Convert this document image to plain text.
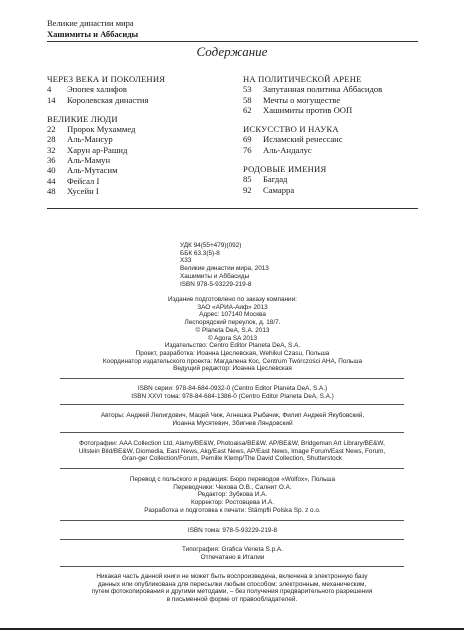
Великие династии мира
Хашимиты и Аббасиды
Содержание
ЧЕРЕЗ ВЕКА И ПОКОЛЕНИЯ
4	Эпопея халифов
14	Королевская династия
ВЕЛИКИЕ ЛЮДИ
22	Пророк Мухаммед
28	Аль-Мансур
32	Харун ар-Рашид
36	Аль-Мамун
40	Аль-Мутасим
44	Фейсал I
48	Хусейн I
НА ПОЛИТИЧЕСКОЙ АРЕНЕ
53	Запутанная политика Аббасидов
58	Мечты о могуществе
62	Хашимиты против ООП
ИСКУССТВО И НАУКА
69	Исламский ренессанс
76	Аль-Андалус
РОДОВЫЕ ИМЕНИЯ
85	Багдад
92	Самарра
УДК 94(55+479)(092)
ББК 63.3(5)-8
Х33
Великие династии мира, 2013
Хашимиты и Аббасиды
ISBN 978-5-93229-219-8
Издание подготовлено по заказу компании:
ЗАО «АРИА-Аиф» 2013
Адрес: 107140 Москва
Лесnoрядский переулок, д. 18/7.
© Planeta DeA, S.A. 2013
© Agora SA 2013
Издательство: Centro Editor Planeta DeA, S.A.
Проект, разработка: Иоанна Цеслевская, Wehikul Czasu, Польша
Координатор издательского проекта: Магдалена Кос, Centrum Twórczości AHA, Польша
Ведущий редактор: Иоанна Цеслевская
ISBN серии: 978-84-684-0932-0 (Centro Editor Planeta DeA, S.A.)
ISBN XXVI тома: 978-84-684-1386-0 (Centro Editor Planeta DeA, S.A.)
Авторы: Анджей Лелигдович, Мацей Чиж, Агнешка Рыбачик, Филип Анджей Якубовский,
Иоанна Мусятевич, Збигнев Ляндовский
Фотографии: AAA Collection Ltd, Alamy/BE&W, Photoaisa/BE&W, AP/BE&W, Bridgeman Art Library/BE&W,
Ullstein Bild/BE&W, Diomedia, East News, Akg/East News, AP/East News, Image Forum/East News, Forum,
Gran-ger Collection/Forum, Pernille Klemp/The David Collection, Shutterstock
Перевод с польского и редакция: Бюро переводов «Wolfox», Польша
Переводчики: Чехова О.В., Салнит О.А.
Редактор: Зубкова И.А.
Корректор: Ростовцева И.А.
Разработка и подготовка к печати: Stämpfli Polska Sp. z o.o.
ISBN тома: 978-5-93229-219-8
Типография: Grafica Veneta S.p.A.
Отпечатано в Италии
Никакая часть данной книги не может быть воспроизведена, включена в электронную базу
данных или опубликована для пересылки любым способом: электронным, механическим,
путем фотокопирования и другими методами, – без получения предварительного разрешения
в письменной форме от правообладателей.
